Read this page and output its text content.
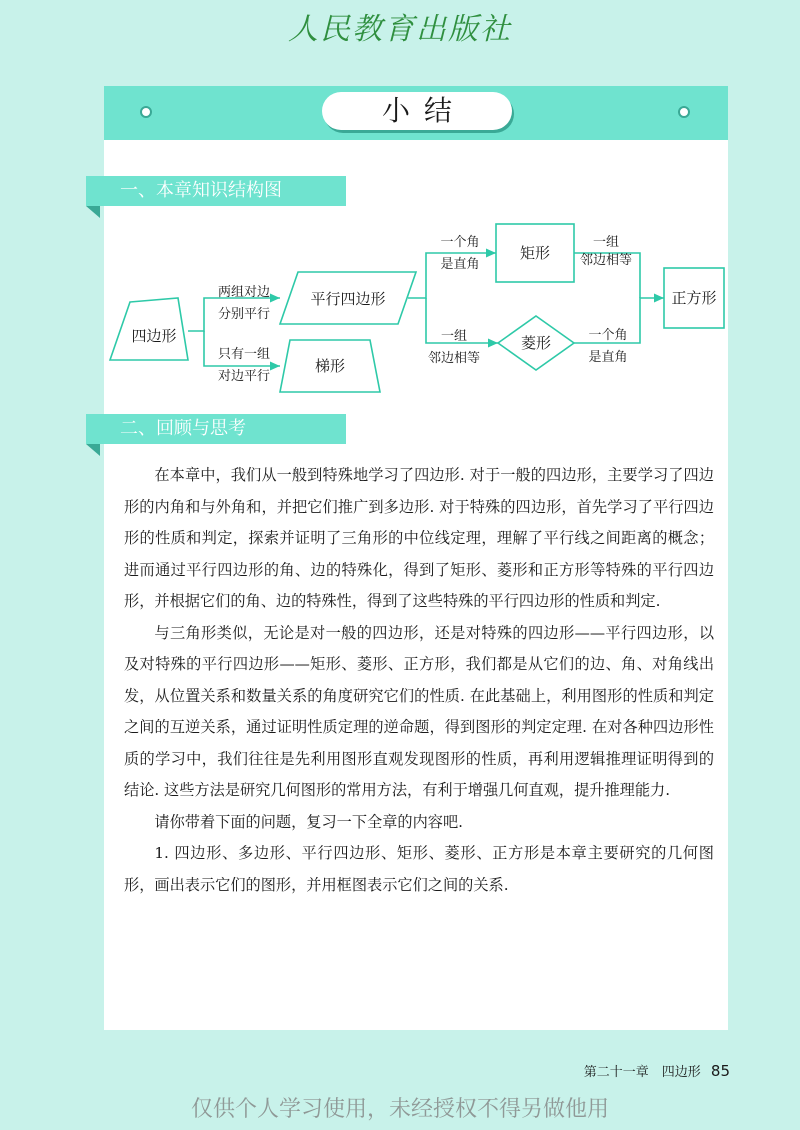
人民教育出版社
小结
一、本章知识结构图
四边形
平行四边形
梯形
矩形
菱形
正方形
两组对边
分别平行
只有一组
对边平行
一个角
是直角
一组
邻边相等
一组
邻边相等
一个角
是直角
二、回顾与思考

在本章中，我们从一般到特殊地学习了四边形. 对于一般的四边形，主要学习了四边形的内角和与外角和，并把它们推广到多边形. 对于特殊的四边形，首先学习了平行四边形的性质和判定，探索并证明了三角形的中位线定理，理解了平行线之间距离的概念；进而通过平行四边形的角、边的特殊化，得到了矩形、菱形和正方形等特殊的平行四边形，并根据它们的角、边的特殊性，得到了这些特殊的平行四边形的性质和判定.

与三角形类似，无论是对一般的四边形，还是对特殊的四边形——平行四边形，以及对特殊的平行四边形——矩形、菱形、正方形，我们都是从它们的边、角、对角线出发，从位置关系和数量关系的角度研究它们的性质. 在此基础上，利用图形的性质和判定之间的互逆关系，通过证明性质定理的逆命题，得到图形的判定定理. 在对各种四边形性质的学习中，我们往往是先利用图形直观发现图形的性质，再利用逻辑推理证明得到的结论. 这些方法是研究几何图形的常用方法，有利于增强几何直观，提升推理能力.

请你带着下面的问题，复习一下全章的内容吧.

1. 四边形、多边形、平行四边形、矩形、菱形、正方形是本章主要研究的几何图形，画出表示它们的图形，并用框图表示它们之间的关系.

第二十一章　四边形 85
仅供个人学习使用，未经授权不得另做他用
